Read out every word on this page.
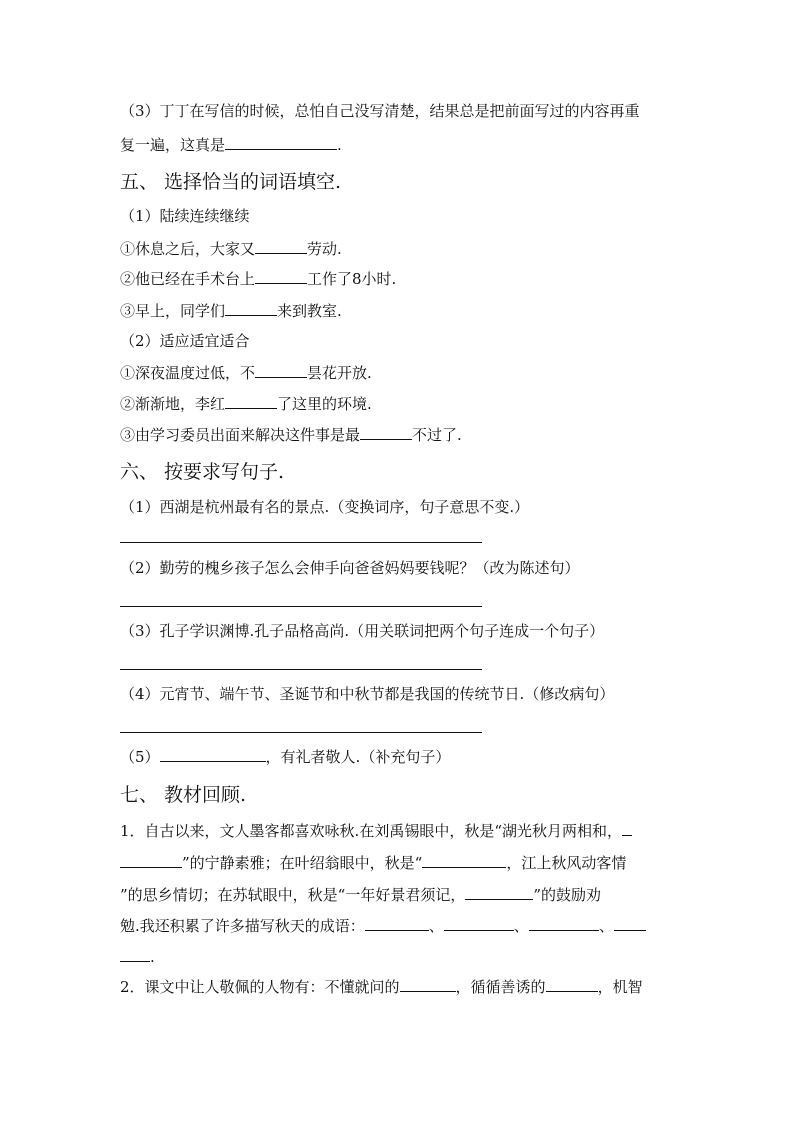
（3）丁丁在写信的时候，总怕自己没写清楚，结果总是把前面写过的内容再重
复一遍，这真是	.
五、 选择恰当的词语填空.
（1）陆续连续继续
①休息之后，大家又	劳动.
②他已经在手术台上	工作了8小时.
③早上，同学们	来到教室.
（2）适应适宜适合
①深夜温度过低，不	昙花开放.
②渐渐地，李红	了这里的环境.
③由学习委员出面来解决这件事是最	不过了.
六、 按要求写句子.
（1）西湖是杭州最有名的景点.（变换词序，句子意思不变.）
（2）勤劳的槐乡孩子怎么会伸手向爸爸妈妈要钱呢？（改为陈述句）
（3）孔子学识渊博.孔子品格高尚.（用关联词把两个句子连成一个句子）
（4）元宵节、端午节、圣诞节和中秋节都是我国的传统节日.（修改病句）
（5）	，有礼者敬人.（补充句子）
七、 教材回顾.
1．自古以来，文人墨客都喜欢咏秋.在刘禹锡眼中，秋是“湖光秋月两相和，
”的宁静素雅；在叶绍翁眼中，秋是“	，江上秋风动客情
”的思乡情切；在苏轼眼中，秋是“一年好景君须记，	”的鼓励劝
勉.我还积累了许多描写秋天的成语：	、	、	、
.
2．课文中让人敬佩的人物有：不懂就问的	，循循善诱的	，机智
